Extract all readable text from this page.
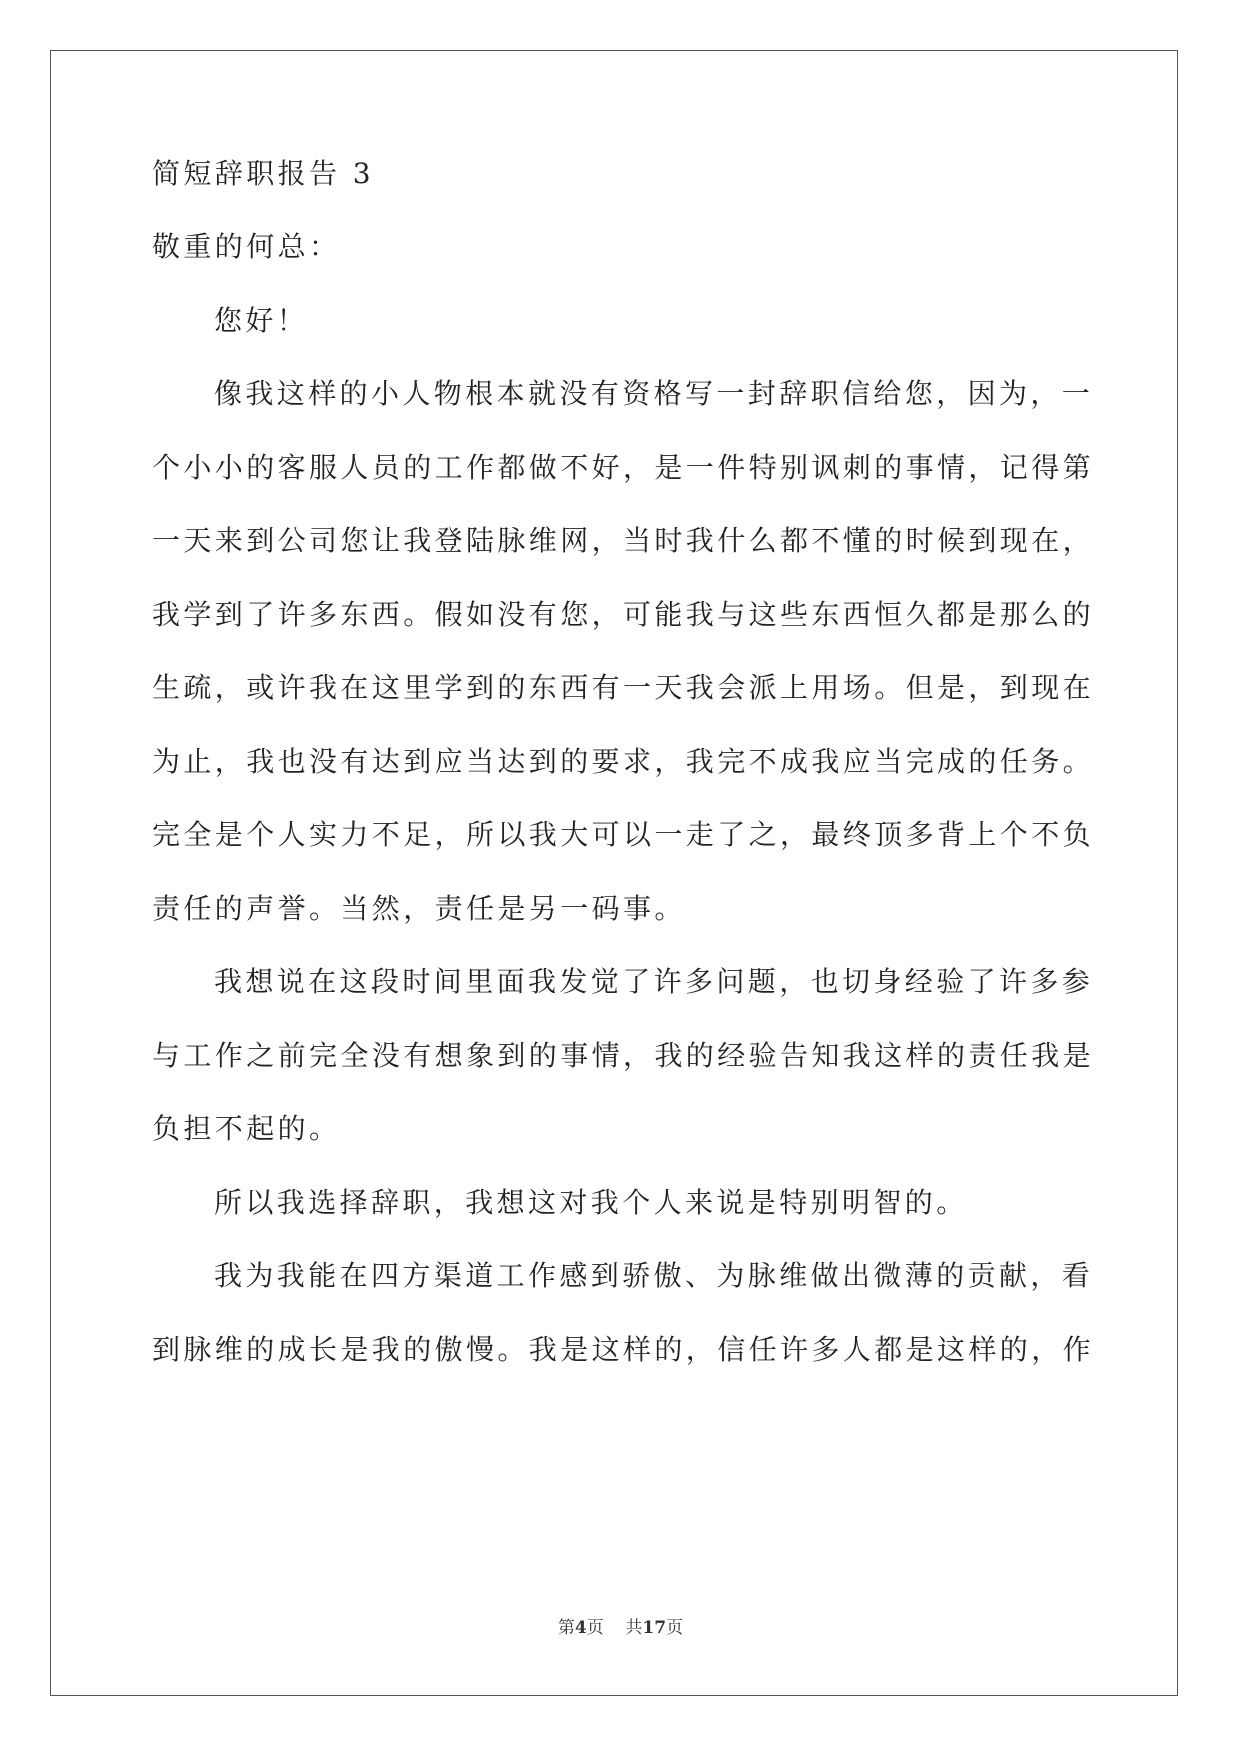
简短辞职报告 3
敬重的何总：
您好！
像我这样的小人物根本就没有资格写一封辞职信给您，因为，一
个小小的客服人员的工作都做不好，是一件特别讽刺的事情，记得第
一天来到公司您让我登陆脉维网，当时我什么都不懂的时候到现在，
我学到了许多东西。假如没有您，可能我与这些东西恒久都是那么的
生疏，或许我在这里学到的东西有一天我会派上用场。但是，到现在
为止，我也没有达到应当达到的要求，我完不成我应当完成的任务。
完全是个人实力不足，所以我大可以一走了之，最终顶多背上个不负
责任的声誉。当然，责任是另一码事。
我想说在这段时间里面我发觉了许多问题，也切身经验了许多参
与工作之前完全没有想象到的事情，我的经验告知我这样的责任我是
负担不起的。
所以我选择辞职，我想这对我个人来说是特别明智的。
我为我能在四方渠道工作感到骄傲、为脉维做出微薄的贡献，看
到脉维的成长是我的傲慢。我是这样的，信任许多人都是这样的，作
第4页 共17页
